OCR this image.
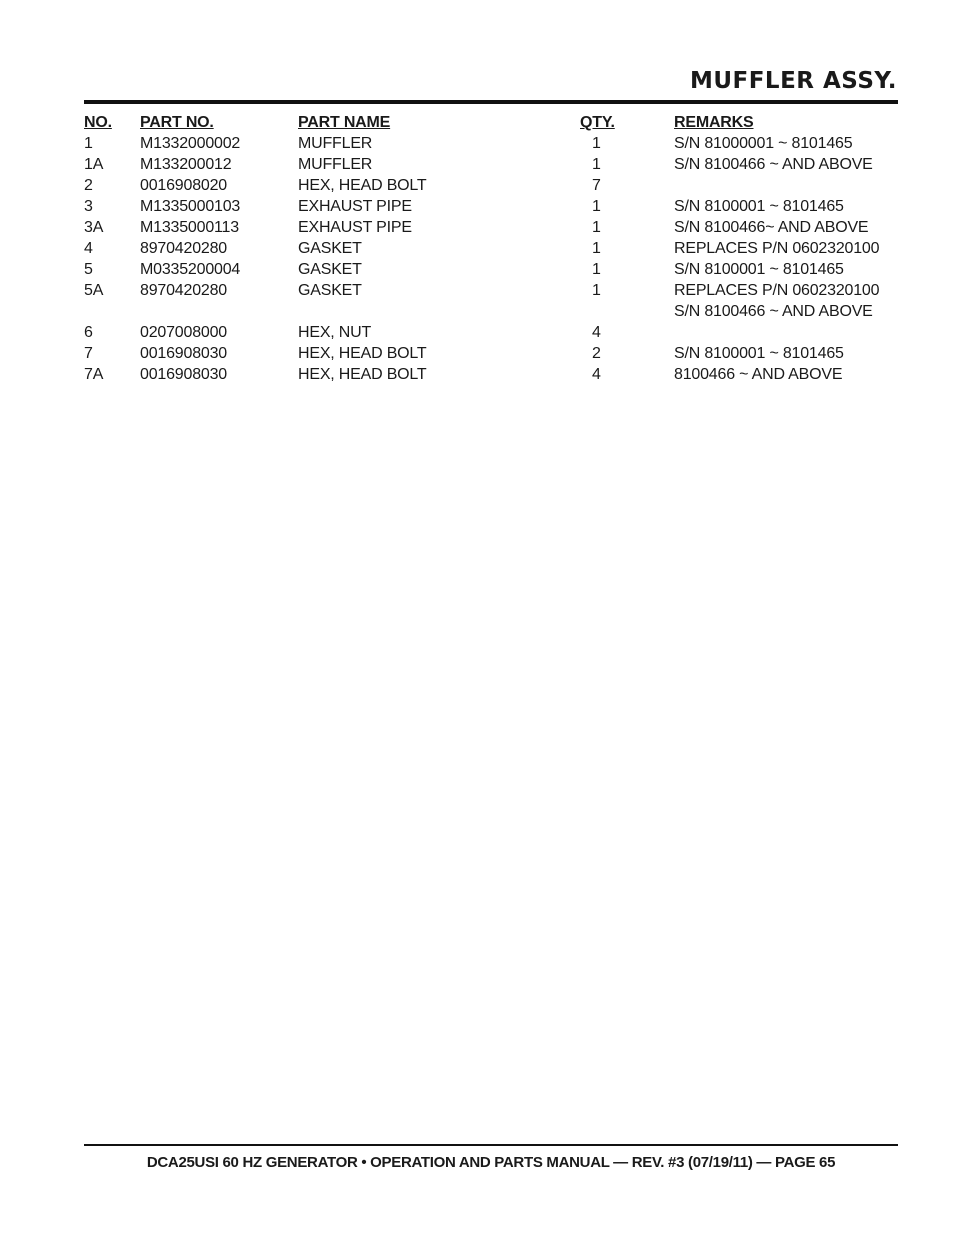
MUFFLER ASSY.
NO.	PART NO.	PART NAME	QTY.	REMARKS
1	M1332000002	MUFFLER	1	S/N 81000001 ~ 8101465

1A	M133200012	MUFFLER	1	S/N 8100466 ~ AND ABOVE

2	0016908020	HEX, HEAD BOLT	7	
3	M1335000103	EXHAUST PIPE	1	S/N 8100001 ~ 8101465

3A	M1335000113	EXHAUST PIPE	1	S/N 8100466~ AND ABOVE

4	8970420280	GASKET	1	REPLACES P/N 0602320100

5	M0335200004	GASKET	1	S/N 8100001 ~ 8101465

5A	8970420280	GASKET	1	REPLACES P/N 0602320100
S/N 8100466 ~ AND ABOVE

6	0207008000	HEX, NUT	4	
7	0016908030	HEX, HEAD BOLT	2	S/N 8100001 ~ 8101465

7A	0016908030	HEX, HEAD BOLT	4	8100466 ~ AND ABOVE
DCA25USI 60 HZ GENERATOR • OPERATION AND PARTS MANUAL — REV. #3 (07/19/11) — PAGE 65
